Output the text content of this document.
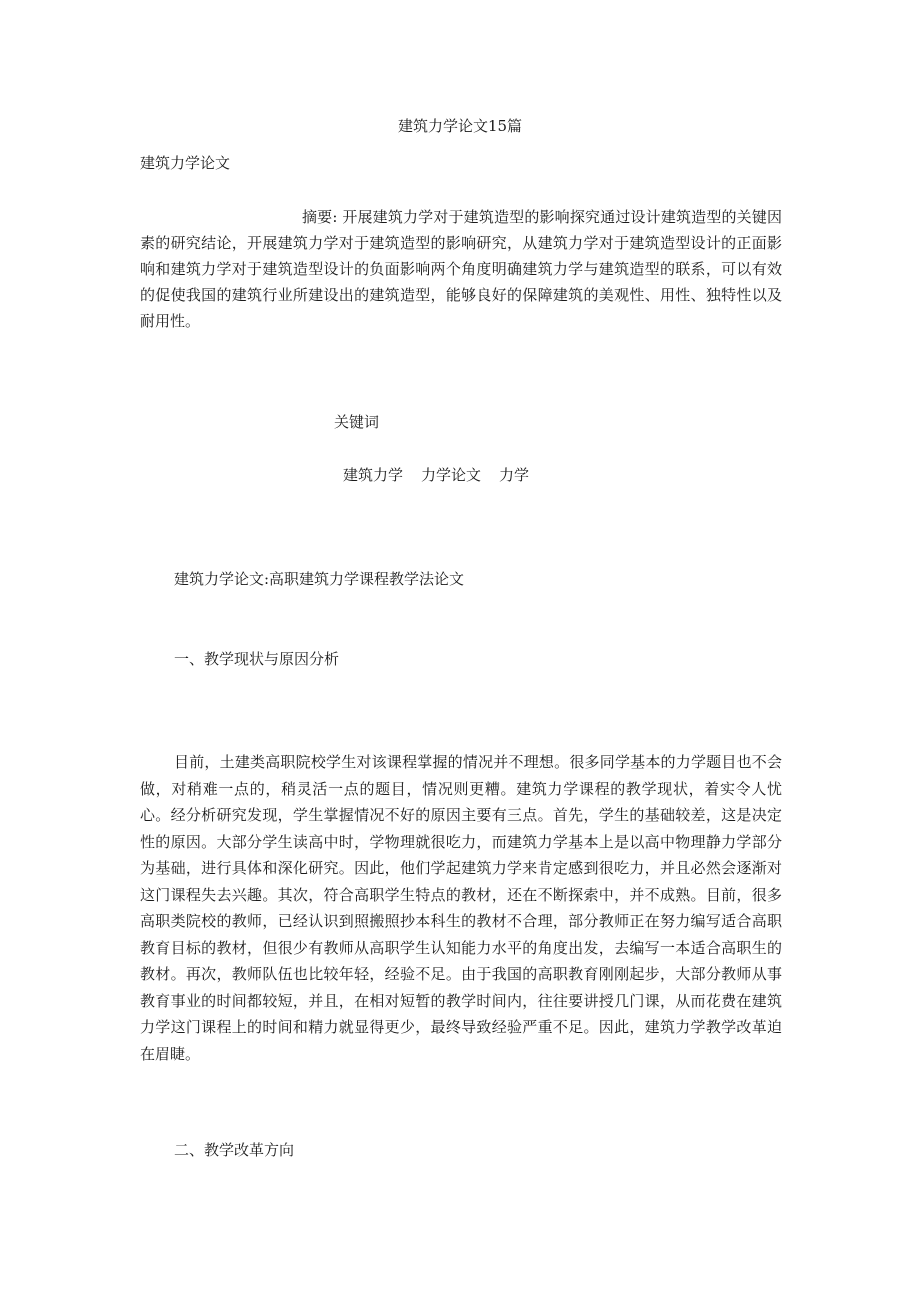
建筑力学论文15篇
建筑力学论文
摘要: 开展建筑力学对于建筑造型的影响探究通过设计建筑造型的关键因素的研究结论，开展建筑力学对于建筑造型的影响研究，从建筑力学对于建筑造型设计的正面影响和建筑力学对于建筑造型设计的负面影响两个角度明确建筑力学与建筑造型的联系，可以有效的促使我国的建筑行业所建设出的建筑造型，能够良好的保障建筑的美观性、用性、独特性以及耐用性。
关键词
建筑力学 力学论文 力学
建筑力学论文:高职建筑力学课程教学法论文
一、教学现状与原因分析
目前，土建类高职院校学生对该课程掌握的情况并不理想。很多同学基本的力学题目也不会做，对稍难一点的，稍灵活一点的题目，情况则更糟。建筑力学课程的教学现状，着实令人忧心。经分析研究发现，学生掌握情况不好的原因主要有三点。首先，学生的基础较差，这是决定性的原因。大部分学生读高中时，学物理就很吃力，而建筑力学基本上是以高中物理静力学部分为基础，进行具体和深化研究。因此，他们学起建筑力学来肯定感到很吃力，并且必然会逐渐对这门课程失去兴趣。其次，符合高职学生特点的教材，还在不断探索中，并不成熟。目前，很多高职类院校的教师，已经认识到照搬照抄本科生的教材不合理，部分教师正在努力编写适合高职教育目标的教材，但很少有教师从高职学生认知能力水平的角度出发，去编写一本适合高职生的教材。再次，教师队伍也比较年轻，经验不足。由于我国的高职教育刚刚起步，大部分教师从事教育事业的时间都较短，并且，在相对短暂的教学时间内，往往要讲授几门课，从而花费在建筑力学这门课程上的时间和精力就显得更少，最终导致经验严重不足。因此，建筑力学教学改革迫在眉睫。
二、教学改革方向
